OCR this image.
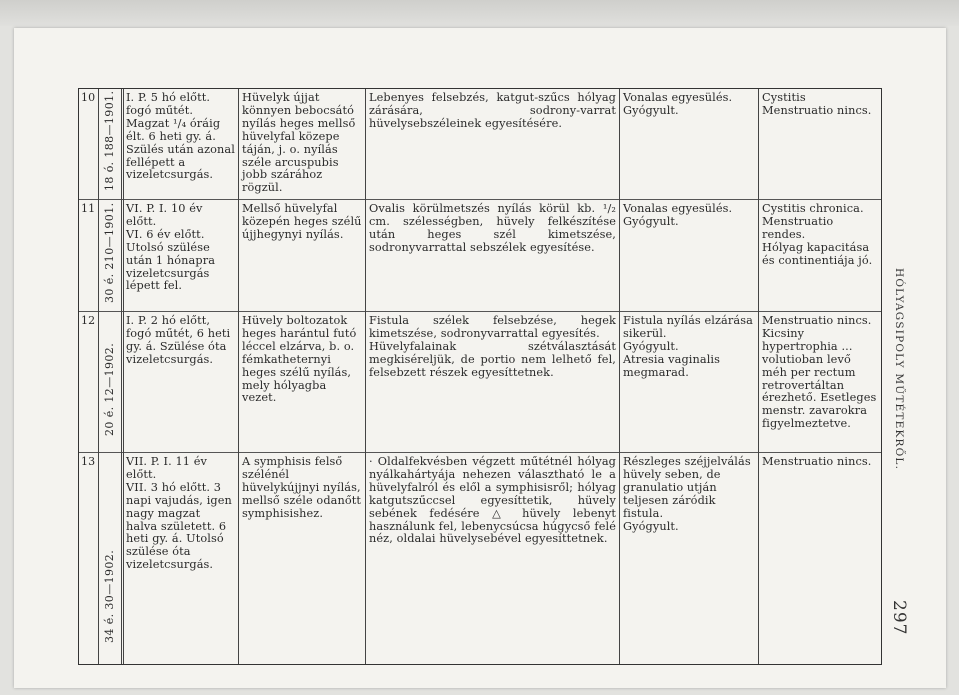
10 18 ó. 188—1901. I. P. 5 hó előtt. fogó műtét. Magzat ¹/₄ óráig élt. 6 heti gy. á. Szülés után azonal fellépett a vizeletcsurgás.
Hüvelyk újjat könnyen bebocsátó nyílás heges mellső hüvelyfal közepe táján, j. o. nyílás széle arcuspubis jobb szárához rögzül.
Lebenyes felsebzés, katgut-szűcs hólyag zárására, sodrony-varrat hüvelysebszéleinek egyesítésére.
Vonalas egyesülés.
Gyógyult.
Cystitis
Menstruatio nincs.
11 30 é. 210—1901. VI. P. I. 10 év előtt.
VI. 6 év előtt.
Utolsó szülése után 1 hónapra vizeletcsurgás lépett fel.
Mellső hüvelyfal közepén heges szélű újjhegynyi nyílás.
Ovalis körülmetszés nyílás körül kb. ¹/₂ cm. szélességben, hüvely felkészítése után heges szél kimetszése, sodronyvarrattal sebszélek egyesítése.
Vonalas egyesülés.
Gyógyult.
Cystitis chronica. Menstruatio rendes.
Hólyag kapacitása és continentiája jó.
12

20 é. 12—1902.

I. P. 2 hó előtt, fogó műtét, 6 heti gy. á. Szülése óta vizeletcsurgás.
Hüvely boltozatok heges harántul futó léccel elzárva, b. o. fémkatheternyi heges szélű nyílás, mely hólyagba vezet.
Fistula szélek felsebzése, hegek kimetszése, sodronyvarrattal egyesítés.
Hüvelyfalainak szétválasztását megkiséreljük, de portio nem lelhető fel, felsebzett részek egyesíttetnek.
Fistula nyílás elzárása sikerül.
Gyógyult.
Atresia vaginalis megmarad.
Menstruatio nincs. Kicsiny hypertrophia ... volutioban levő méh per rectum retrovertáltan érezhető. Esetleges menstr. zavarokra figyelmeztetve.
13

34 é. 30—1902.

VII. P. I. 11 év előtt.
VII. 3 hó előtt. 3 napi vajudás, igen nagy magzat halva született. 6 heti gy. á. Utolsó szülése óta vizeletcsurgás.
A symphisis felső szélénél hüvelykújjnyi nyílás, mellső széle odanőtt symphisishez.
· Oldalfekvésben végzett műtétnél hólyag nyálkahártyája nehezen választható le a hüvelyfalról és elől a symphisisről; hólyag katgutszűccsel egyesíttetik, hüvely sebének fedésére △ hüvely lebenyt használunk fel, lebenycsúcsa húgycső felé néz, oldalai hüvelysebével egyesíttetnek.
Részleges széjjelválás hüvely seben, de granulatio utján teljesen záródik fistula.
Gyógyult.
Menstruatio nincs.	HÓLYAGSIPOLY MŰTÉTEKRŐL.
297
